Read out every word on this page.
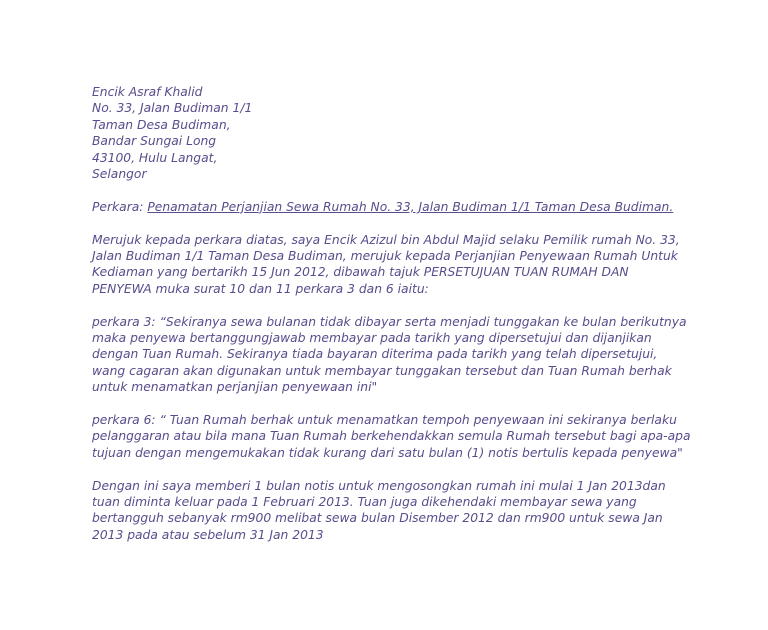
Encik Asraf Khalid
No. 33, Jalan Budiman 1/1
Taman Desa Budiman,
Bandar Sungai Long
43100, Hulu Langat,
Selangor

Perkara: Penamatan Perjanjian Sewa Rumah No. 33, Jalan Budiman 1/1 Taman Desa Budiman.

Merujuk kepada perkara diatas, saya Encik Azizul bin Abdul Majid selaku Pemilik rumah No. 33, Jalan Budiman 1/1 Taman Desa Budiman, merujuk kepada Perjanjian Penyewaan Rumah Untuk Kediaman yang bertarikh 15 Jun 2012, dibawah tajuk PERSETUJUAN TUAN RUMAH DAN PENYEWA muka surat 10 dan 11 perkara 3 dan 6 iaitu:

perkara 3: “Sekiranya sewa bulanan tidak dibayar serta menjadi tunggakan ke bulan berikutnya maka penyewa bertanggungjawab membayar pada tarikh yang dipersetujui dan dijanjikan dengan Tuan Rumah. Sekiranya tiada bayaran diterima pada tarikh yang telah dipersetujui, wang cagaran akan digunakan untuk membayar tunggakan tersebut dan Tuan Rumah berhak untuk menamatkan perjanjian penyewaan ini"

perkara 6: “ Tuan Rumah berhak untuk menamatkan tempoh penyewaan ini sekiranya berlaku pelanggaran atau bila mana Tuan Rumah berkehendakkan semula Rumah tersebut bagi apa-apa tujuan dengan mengemukakan tidak kurang dari satu bulan (1) notis bertulis kepada penyewa"

Dengan ini saya memberi 1 bulan notis untuk mengosongkan rumah ini mulai 1 Jan 2013dan tuan diminta keluar pada 1 Februari 2013. Tuan juga dikehendaki membayar sewa yang bertangguh sebanyak rm900 melibat sewa bulan Disember 2012 dan rm900 untuk sewa Jan 2013 pada atau sebelum 31 Jan 2013
